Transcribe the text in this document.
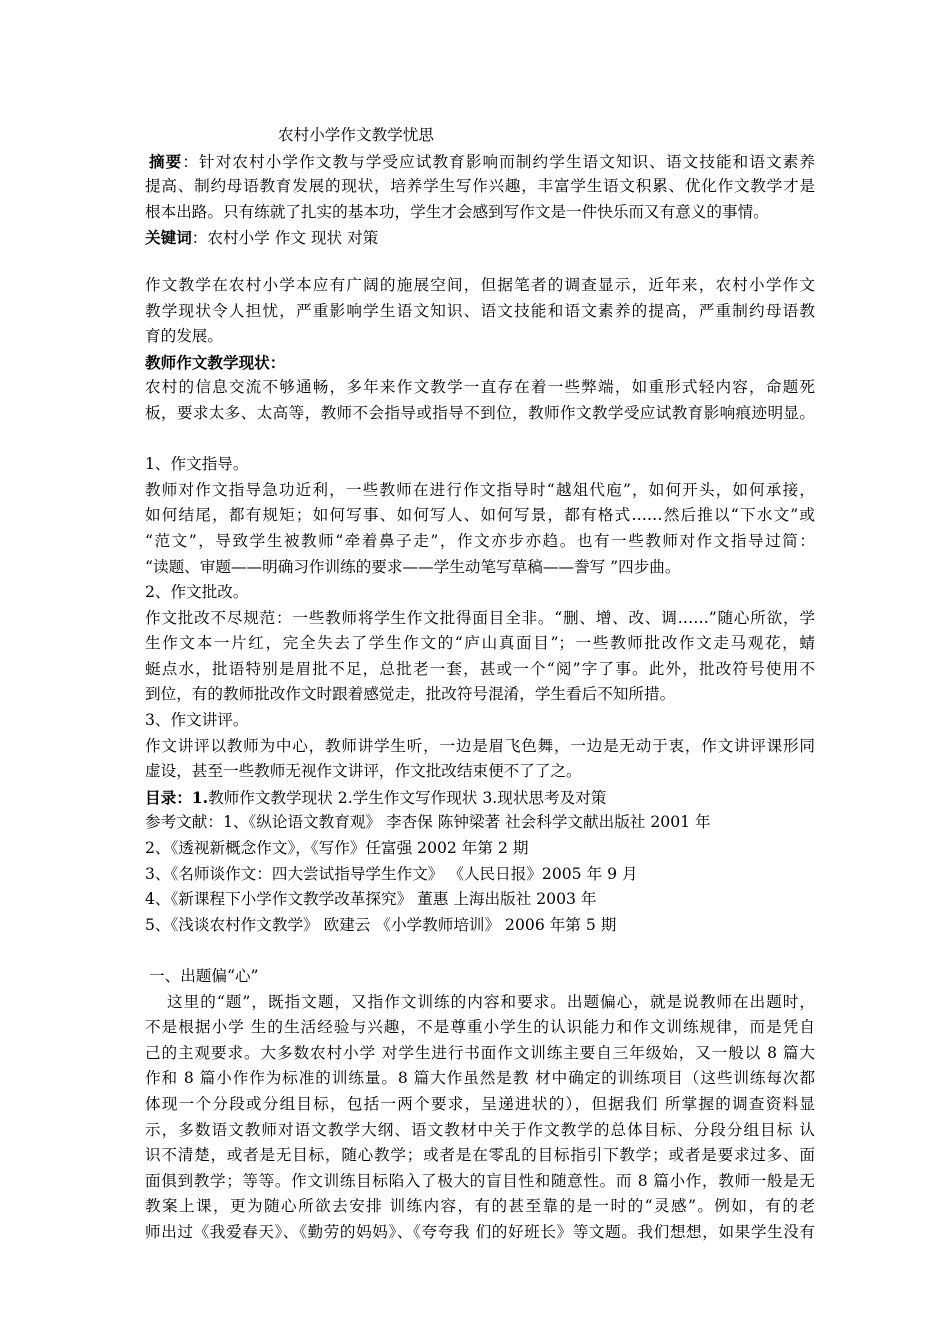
农村小学作文教学忧思
摘要：针对农村小学作文教与学受应试教育影响而制约学生语文知识、语文技能和语文素养
提高、制约母语教育发展的现状，培养学生写作兴趣，丰富学生语文积累、优化作文教学才是
根本出路。只有练就了扎实的基本功，学生才会感到写作文是一件快乐而又有意义的事情。
关键词：农村小学 作文 现状 对策
作文教学在农村小学本应有广阔的施展空间，但据笔者的调查显示，近年来，农村小学作文
教学现状令人担忧，严重影响学生语文知识、语文技能和语文素养的提高，严重制约母语教
育的发展。
教师作文教学现状：
农村的信息交流不够通畅，多年来作文教学一直存在着一些弊端，如重形式轻内容，命题死
板，要求太多、太高等，教师不会指导或指导不到位，教师作文教学受应试教育影响痕迹明显。
1、作文指导。
教师对作文指导急功近利，一些教师在进行作文指导时“越俎代庖”，如何开头，如何承接，
如何结尾，都有规矩；如何写事、如何写人、如何写景，都有格式……然后推以“下水文”或
“范文”，导致学生被教师“牵着鼻子走”，作文亦步亦趋。也有一些教师对作文指导过简：
“读题、审题——明确习作训练的要求——学生动笔写草稿——誊写 ”四步曲。
2、作文批改。
作文批改不尽规范：一些教师将学生作文批得面目全非。“删、增、改、调……”随心所欲，学
生作文本一片红，完全失去了学生作文的“庐山真面目”；一些教师批改作文走马观花，蜻
蜓点水，批语特别是眉批不足，总批老一套，甚或一个“阅”字了事。此外，批改符号使用不
到位，有的教师批改作文时跟着感觉走，批改符号混淆，学生看后不知所措。
3、作文讲评。
作文讲评以教师为中心，教师讲学生听，一边是眉飞色舞，一边是无动于衷，作文讲评课形同
虚设，甚至一些教师无视作文讲评，作文批改结束便不了了之。
目录：1.教师作文教学现状 2.学生作文写作现状 3.现状思考及对策
参考文献：1、《纵论语文教育观》 李杏保 陈钟梁著 社会科学文献出版社 2001 年
2、《透视新概念作文》，《写作》任富强 2002 年第 2 期
3、《名师谈作文：四大尝试指导学生作文》 《人民日报》2005 年 9 月
4、《新课程下小学作文教学改革探究》 董惠 上海出版社 2003 年
5、《浅谈农村作文教学》 欧建云 《小学教师培训》 2006 年第 5 期
一、出题偏“心”
这里的“题”，既指文题，又指作文训练的内容和要求。出题偏心，就是说教师在出题时，
不是根据小学 生的生活经验与兴趣，不是尊重小学生的认识能力和作文训练规律，而是凭自
己的主观要求。大多数农村小学 对学生进行书面作文训练主要自三年级始，又一般以 8 篇大
作和 8 篇小作作为标准的训练量。8 篇大作虽然是教 材中确定的训练项目（这些训练每次都
体现一个分段或分组目标，包括一两个要求，呈递进状的），但据我们 所掌握的调查资料显
示，多数语文教师对语文教学大纲、语文教材中关于作文教学的总体目标、分段分组目标 认
识不清楚，或者是无目标，随心教学；或者是在零乱的目标指引下教学；或者是要求过多、面
面俱到教学；等等。作文训练目标陷入了极大的盲目性和随意性。而 8 篇小作，教师一般是无
教案上课，更为随心所欲去安排 训练内容，有的甚至靠的是一时的“灵感”。例如，有的老
师出过《我爱春天》、《勤劳的妈妈》、《夸夸我 们的好班长》等文题。我们想想，如果学生没有
